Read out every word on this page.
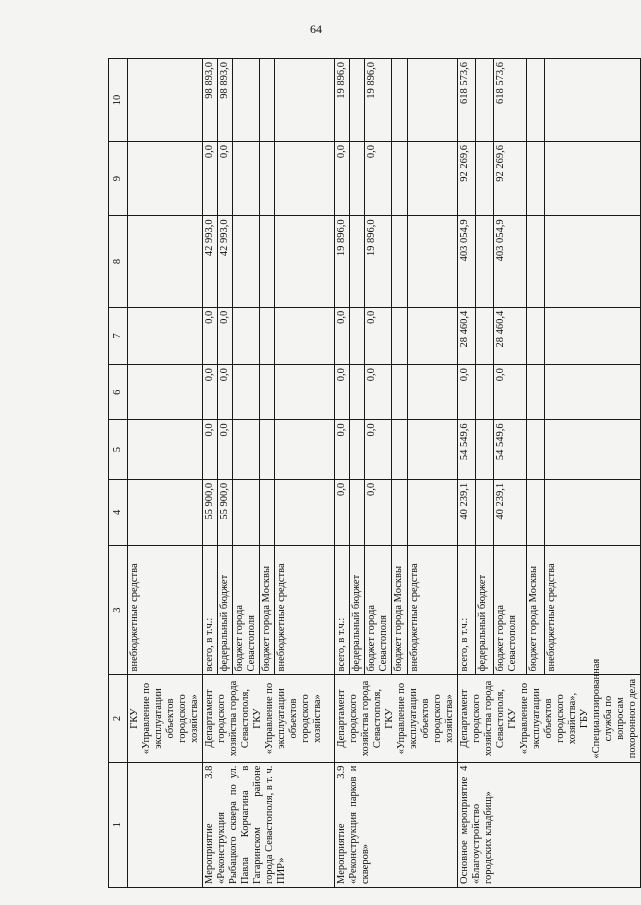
64
1	2	3	4	5	6	7	8	9	10
	ГКУ «Управление по эксплуатации объектов городского хозяйства»	внебюджетные средства							
Мероприятие 3.8 «Реконструкция Рыбацкого сквера по ул. Павла Корчагина в Гагаринском районе города Севастополя, в т. ч. ПИР»	Департамент городского хозяйства города Севастополя, ГКУ «Управление по эксплуатации объектов городского хозяйства»	всего, в т.ч.:	55 900,0	0,0	0,0	0,0	42 993,0	0,0	98 893,0
		федеральный бюджет	55 900,0	0,0	0,0	0,0	42 993,0	0,0	98 893,0
		бюджет города Севастополя							
		бюджет города Москвы							
		внебюджетные средства							
Мероприятие 3.9 «Реконструкция парков и скверов»	Департамент городского хозяйства города Севастополя, ГКУ «Управление по эксплуатации объектов городского хозяйства»	всего, в т.ч.:	0,0	0,0	0,0	0,0	19 896,0	0,0	19 896,0
		федеральный бюджет							
		бюджет города Севастополя	0,0	0,0	0,0	0,0	19 896,0	0,0	19 896,0
		бюджет города Москвы							
		внебюджетные средства							
Основное мероприятие 4 «Благоустройство городских кладбищ»	Департамент городского хозяйства города Севастополя, ГКУ «Управление по эксплуатации объектов городского хозяйства», ГБУ «Специализированная служба по вопросам похоронного дела	всего, в т.ч.:	40 239,1	54 549,6	0,0	28 460,4	403 054,9	92 269,6	618 573,6
		федеральный бюджет							
		бюджет города Севастополя	40 239,1	54 549,6	0,0	28 460,4	403 054,9	92 269,6	618 573,6
		бюджет города Москвы							
		внебюджетные средства							
